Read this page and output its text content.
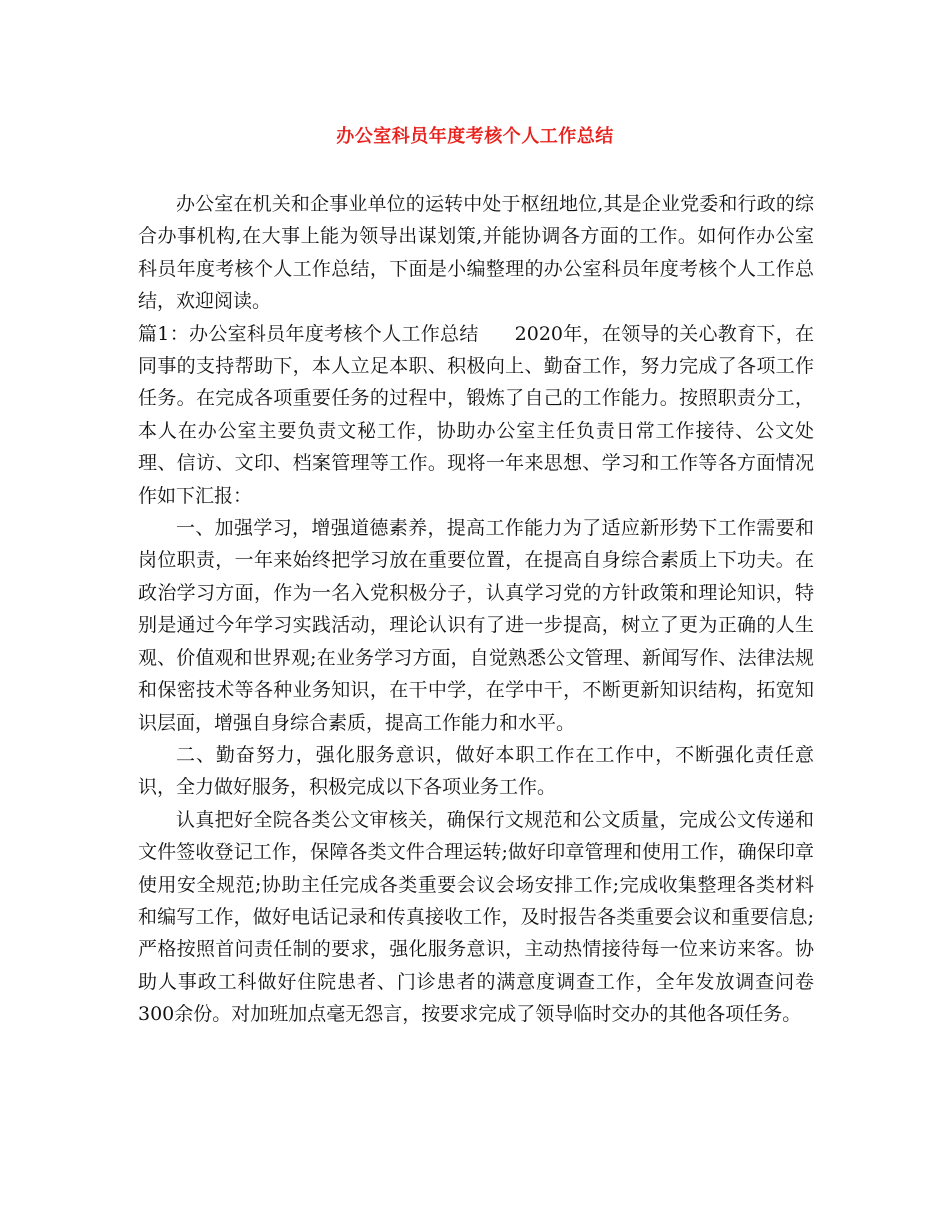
办公室科员年度考核个人工作总结

办公室在机关和企事业单位的运转中处于枢纽地位,其是企业党委和行政的综合办事机构,在大事上能为领导出谋划策,并能协调各方面的工作。如何作办公室科员年度考核个人工作总结，下面是小编整理的办公室科员年度考核个人工作总结，欢迎阅读。

篇1：办公室科员年度考核个人工作总结 2020年，在领导的关心教育下，在同事的支持帮助下，本人立足本职、积极向上、勤奋工作，努力完成了各项工作任务。在完成各项重要任务的过程中，锻炼了自己的工作能力。按照职责分工，本人在办公室主要负责文秘工作，协助办公室主任负责日常工作接待、公文处理、信访、文印、档案管理等工作。现将一年来思想、学习和工作等各方面情况作如下汇报：

一、加强学习，增强道德素养，提高工作能力为了适应新形势下工作需要和岗位职责，一年来始终把学习放在重要位置，在提高自身综合素质上下功夫。在政治学习方面，作为一名入党积极分子，认真学习党的方针政策和理论知识，特别是通过今年学习实践活动，理论认识有了进一步提高，树立了更为正确的人生观、价值观和世界观;在业务学习方面，自觉熟悉公文管理、新闻写作、法律法规和保密技术等各种业务知识，在干中学，在学中干，不断更新知识结构，拓宽知识层面，增强自身综合素质，提高工作能力和水平。

二、勤奋努力，强化服务意识，做好本职工作在工作中，不断强化责任意识，全力做好服务，积极完成以下各项业务工作。

认真把好全院各类公文审核关，确保行文规范和公文质量，完成公文传递和文件签收登记工作，保障各类文件合理运转;做好印章管理和使用工作，确保印章使用安全规范;协助主任完成各类重要会议会场安排工作;完成收集整理各类材料和编写工作，做好电话记录和传真接收工作，及时报告各类重要会议和重要信息;严格按照首问责任制的要求，强化服务意识，主动热情接待每一位来访来客。协助人事政工科做好住院患者、门诊患者的满意度调查工作，全年发放调查问卷300余份。对加班加点毫无怨言，按要求完成了领导临时交办的其他各项任务。
